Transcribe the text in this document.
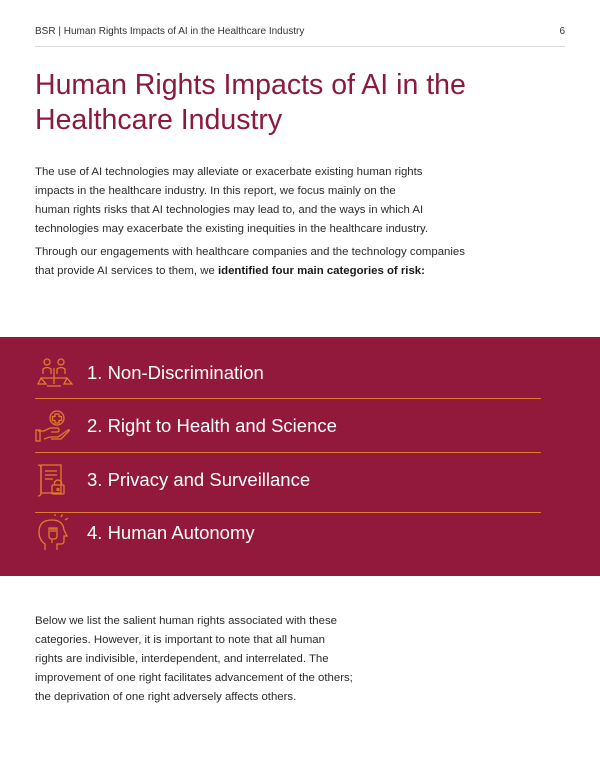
BSR | Human Rights Impacts of AI in the Healthcare Industry	6
Human Rights Impacts of AI in the
Healthcare Industry

The use of AI technologies may alleviate or exacerbate existing human rights
impacts in the healthcare industry. In this report, we focus mainly on the
human rights risks that AI technologies may lead to, and the ways in which AI
technologies may exacerbate the existing inequities in the healthcare industry.

Through our engagements with healthcare companies and the technology companies
that provide AI services to them, we identified four main categories of risk:

1. Non-Discrimination
2. Right to Health and Science
3. Privacy and Surveillance
4. Human Autonomy

Below we list the salient human rights associated with these
categories. However, it is important to note that all human
rights are indivisible, interdependent, and interrelated. The
improvement of one right facilitates advancement of the others;
the deprivation of one right adversely affects others.
